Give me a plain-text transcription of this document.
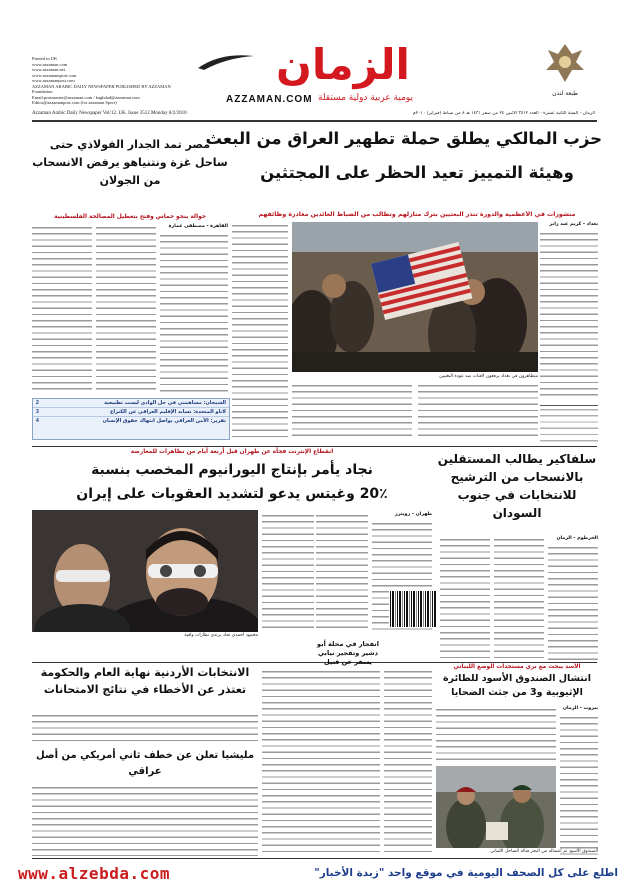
Printed in UK
www.azzaman.com
www.azzaman.net
www.azzamansport.com
www.azzamanpost.com
AZZAMAN ARABIC DAILY NEWSPAPER PUBLISHED BY AZZAMAN Foundation
Email:postmaster@azzaman.com / baghdad@azzaman.com
Editor@azzamanpost.com (for azzaman Sport)
الزمان
AZZAMAN.COM يومية عربية دولية مستقلة	طبعة لندن
Azzaman Arabic Daily Newspaper Vol/12. UK. Issue 3512 Monday 8/2/2010	الزمان - السنة الثانية عشرة - العدد ٣٥١٢ الاثنين ٢٤ من صفر ١٤٣١ هـ ٨ من شباط (فبراير) ٢٠١٠م
حزب المالكي يطلق حملة تطهير العراق من البعث
وهيئة التمييز تعيد الحظر على المجتثين
منشورات في الأعظمية والدورة تنذر البعثيين بترك منازلهم وتطالب من الضباط العائدين مغادرة وظائفهم
بغداد - كريم عبد زاير
متظاهرون في بغداد يرفعون لافتات ضد عودة البعثيين
مصر تمد الجدار الفولاذي حتى ساحل غزة ونتنياهو يرفض الانسحاب من الجولان
حوالة بنحو حماس وفتح بتعطيل المصالحة الفلسطينية
القاهرة - مصطفى عمارة
الشيخان: مساهمتي في حل الوادي ليست تطبيعية
2
لاتاو المتحدة: تساند الإقليم العراقي عن الكنزاع
3
تقرير: الأمن العراقي يواصل انتهاك حقوق الإنسان
4
انقطاع الإنترنت فجأة عن طهران قبل أربعة أيام من تظاهرات للمعارضة
نجاد يأمر بإنتاج اليورانيوم المخصب بنسبة
20٪ وغيتس يدعو لتشديد العقوبات على إيران
محمود أحمدي نجاد يرتدي نظارات واقية
طهران - رويترز
سلفاكير يطالب المستقلين بالانسحاب من الترشيح للانتخابات في جنوب السودان
الخرطوم - الزمان
الانتخابات الأردنية نهاية العام والحكومة تعتذر عن الأخطاء في نتائج الامتحانات
مليشيا تعلن عن خطف ثاني أمريكي من أصل عراقي
انفجار في محلة أبو دشير وتفجير نيابي يسفر عن قتيل
الأسد يبحث مع بري مستجدات الوضع اللبناني
انتشال الصندوق الأسود للطائرة الإثيوبية و3 من جثث الضحايا
بيروت - الزمان
الصندوق الأسود تم انتشاله من البحر قبالة الساحل اللبناني
www.alzebda.com	اطلع على كل الصحف اليومية في موقع واحد "زبدة الأخبار"
